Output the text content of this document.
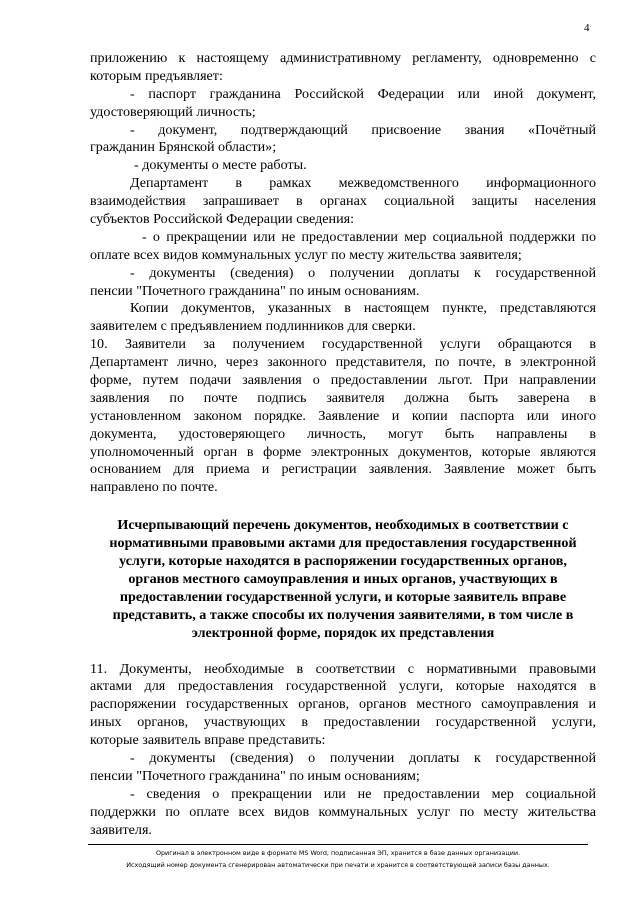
4
приложению к настоящему административному регламенту, одновременно с
которым предъявляет:
- паспорт гражданина Российской Федерации или иной документ,
удостоверяющий личность;
- документ, подтверждающий присвоение звания «Почётный
гражданин Брянской области»;
- документы о месте работы.
Департамент в рамках межведомственного информационного
взаимодействия запрашивает в органах социальной защиты населения
субъектов Российской Федерации сведения:
- о прекращении или не предоставлении мер социальной поддержки по
оплате всех видов коммунальных услуг по месту жительства заявителя;
- документы (сведения) о получении доплаты к государственной
пенсии "Почетного гражданина" по иным основаниям.
Копии документов, указанных в настоящем пункте, представляются
заявителем с предъявлением подлинников для сверки.
10. Заявители за получением государственной услуги обращаются в
Департамент лично, через законного представителя, по почте, в электронной
форме, путем подачи заявления о предоставлении льгот. При направлении
заявления по почте подпись заявителя должна быть заверена в
установленном законом порядке. Заявление и копии паспорта или иного
документа, удостоверяющего личность, могут быть направлены в
уполномоченный орган в форме электронных документов, которые являются
основанием для приема и регистрации заявления. Заявление может быть
направлено по почте.
Исчерпывающий перечень документов, необходимых в соответствии с
нормативными правовыми актами для предоставления государственной
услуги, которые находятся в распоряжении государственных органов,
органов местного самоуправления и иных органов, участвующих в
предоставлении государственной услуги, и которые заявитель вправе
представить, а также способы их получения заявителями, в том числе в
электронной форме, порядок их представления
11. Документы, необходимые в соответствии с нормативными правовыми
актами для предоставления государственной услуги, которые находятся в
распоряжении государственных органов, органов местного самоуправления и
иных органов, участвующих в предоставлении государственной услуги,
которые заявитель вправе представить:
- документы (сведения) о получении доплаты к государственной
пенсии "Почетного гражданина" по иным основаниям;
- сведения о прекращении или не предоставлении мер социальной
поддержки по оплате всех видов коммунальных услуг по месту жительства
заявителя.
Оригинал в электронном виде в формате MS Word, подписанная ЭП, хранится в базе данных организации.
Исходящий номер документа сгенерирован автоматически при печати и хранится в соответствующей записи базы данных.
